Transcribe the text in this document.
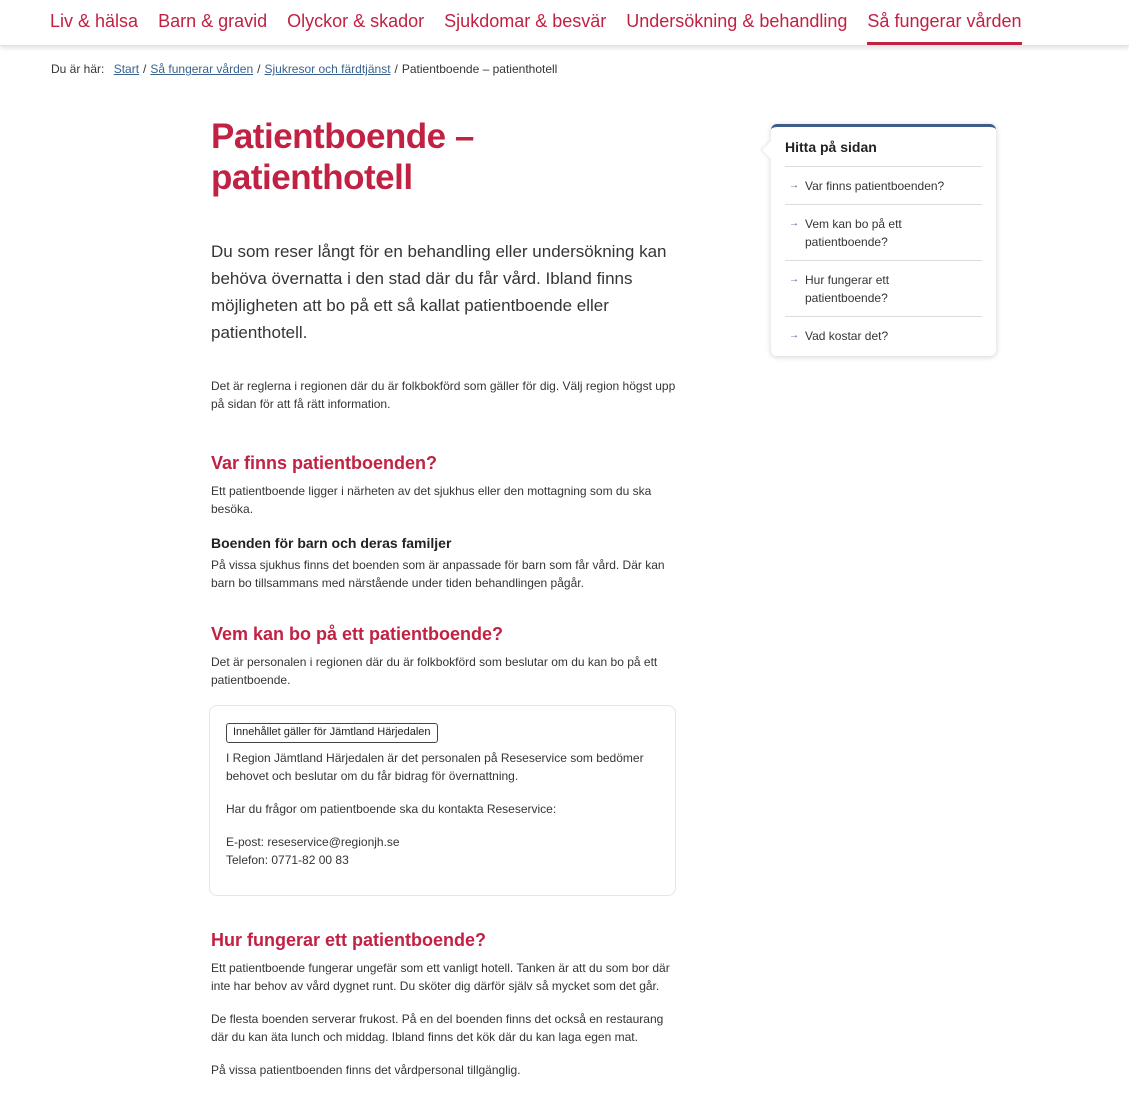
Liv & hälsa Barn & gravid Olyckor & skador Sjukdomar & besvär Undersökning & behandling Så fungerar vården
Du är här: Start / Så fungerar vården / Sjukresor och färdtjänst / Patientboende – patienthotell
Patientboende –
patienthotell

Du som reser långt för en behandling eller undersökning kan behöva övernatta i den stad där du får vård. Ibland finns möjligheten att bo på ett så kallat patientboende eller patienthotell.

Det är reglerna i regionen där du är folkbokförd som gäller för dig. Välj region högst upp på sidan för att få rätt information.

Var finns patientboenden?

Ett patientboende ligger i närheten av det sjukhus eller den mottagning som du ska besöka.

Boenden för barn och deras familjer

På vissa sjukhus finns det boenden som är anpassade för barn som får vård. Där kan barn bo tillsammans med närstående under tiden behandlingen pågår.

Vem kan bo på ett patientboende?

Det är personalen i regionen där du är folkbokförd som beslutar om du kan bo på ett patientboende.

Innehållet gäller för Jämtland Härjedalen

I Region Jämtland Härjedalen är det personalen på Reseservice som bedömer behovet och beslutar om du får bidrag för övernattning.

Har du frågor om patientboende ska du kontakta Reseservice:

E-post: reseservice@regionjh.se

Telefon: 0771-82 00 83

Hur fungerar ett patientboende?

Ett patientboende fungerar ungefär som ett vanligt hotell. Tanken är att du som bor där inte har behov av vård dygnet runt. Du sköter dig därför själv så mycket som det går.

De flesta boenden serverar frukost. På en del boenden finns det också en restaurang där du kan äta lunch och middag. Ibland finns det kök där du kan laga egen mat.

På vissa patientboenden finns det vårdpersonal tillgänglig.

Hitta på sidan
→ Var finns patientboenden?
→ Vem kan bo på ett patientboende?
→ Hur fungerar ett patientboende?
→ Vad kostar det?
